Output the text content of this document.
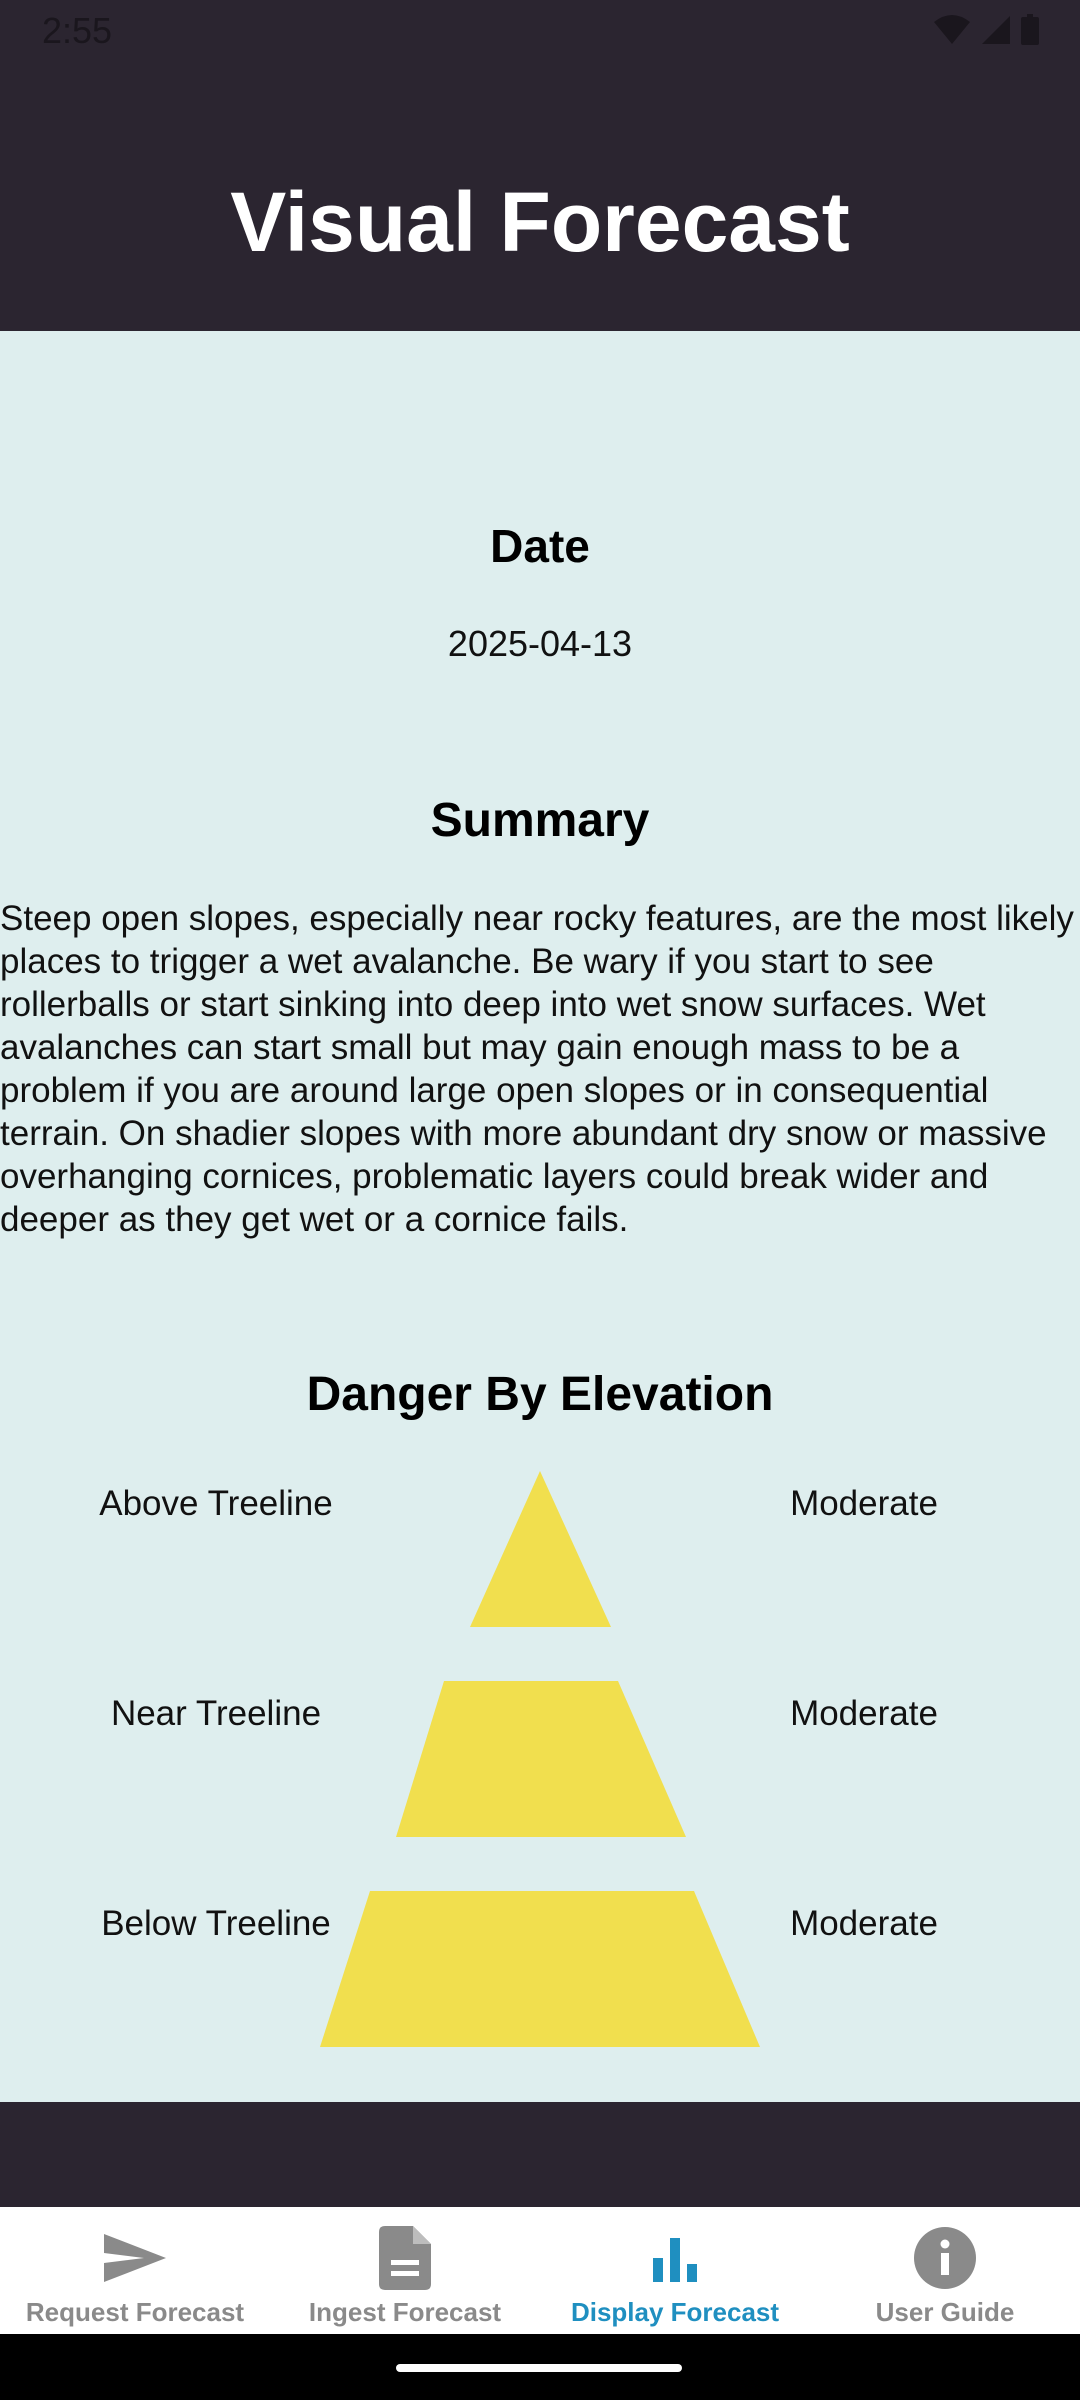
2:55
Visual Forecast
Date
2025-04-13
Summary
Steep open slopes, especially near rocky features, are the most likely places to trigger a wet avalanche. Be wary if you start to see rollerballs or start sinking into deep into wet snow surfaces. Wet avalanches can start small but may gain enough mass to be a problem if you are around large open slopes or in consequential terrain. On shadier slopes with more abundant dry snow or massive overhanging cornices, problematic layers could break wider and deeper as they get wet or a cornice fails.
Danger By Elevation
Above Treeline	Moderate
Near Treeline	Moderate
Below Treeline	Moderate
Request Forecast Ingest Forecast	Display Forecast	User Guide
